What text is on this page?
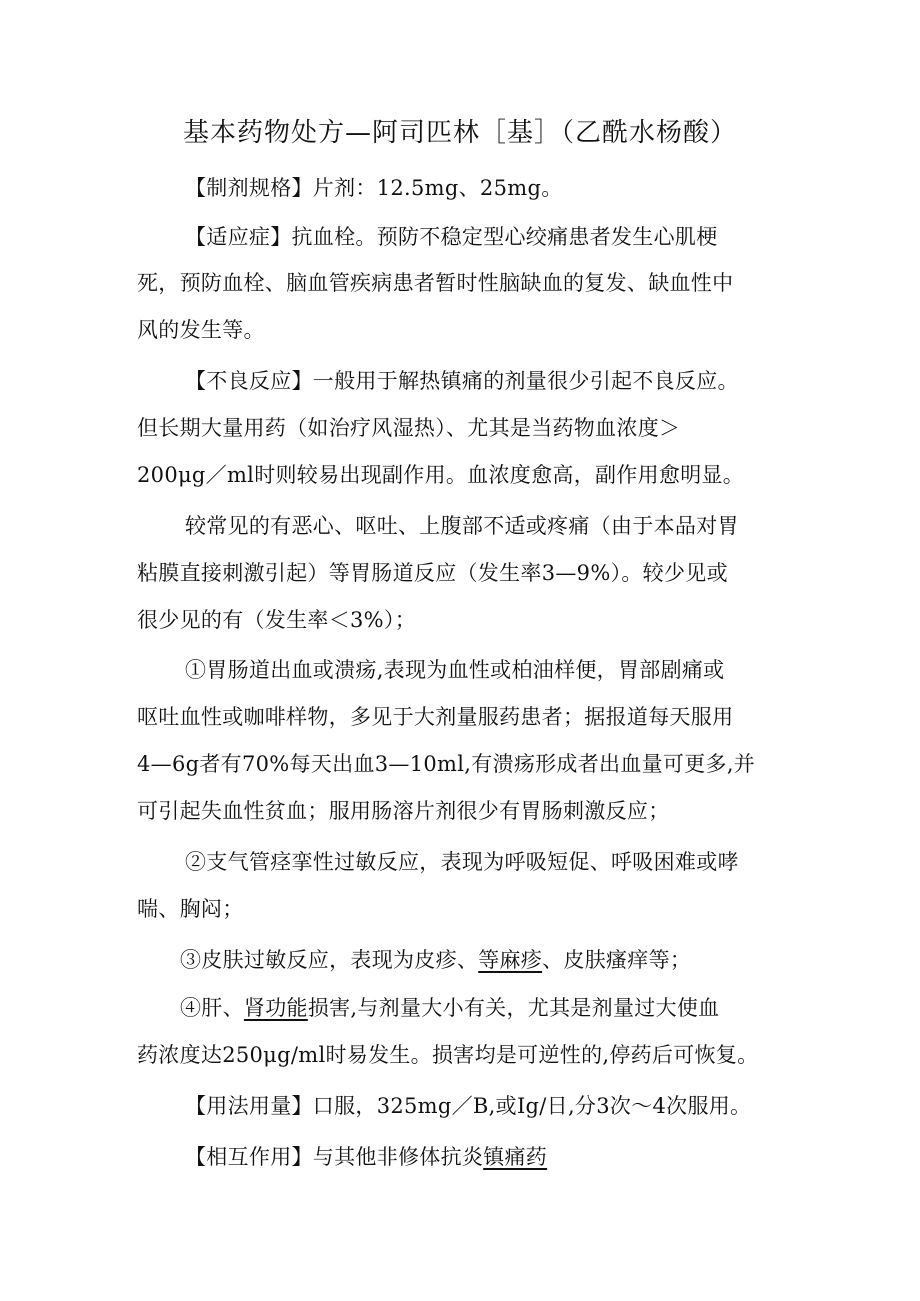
基本药物处方—阿司匹林［基］（乙酰水杨酸）
【制剂规格】片剂：12.5mg、25mg。
【适应症】抗血栓。预防不稳定型心绞痛患者发生心肌梗
死，预防血栓、脑血管疾病患者暂时性脑缺血的复发、缺血性中
风的发生等。
【不良反应】一般用于解热镇痛的剂量很少引起不良反应。
但长期大量用药（如治疗风湿热）、尤其是当药物血浓度＞
200μg／ml时则较易出现副作用。血浓度愈高，副作用愈明显。
较常见的有恶心、呕吐、上腹部不适或疼痛（由于本品对胃
粘膜直接刺激引起）等胃肠道反应（发生率3—9%）。较少见或
很少见的有（发生率＜3%）；
①胃肠道出血或溃疡,表现为血性或柏油样便，胃部剧痛或
呕吐血性或咖啡样物，多见于大剂量服药患者；据报道每天服用
4—6g者有70%每天出血3—10ml,有溃疡形成者出血量可更多,并
可引起失血性贫血；服用肠溶片剂很少有胃肠刺激反应；
②支气管痉挛性过敏反应，表现为呼吸短促、呼吸困难或哮
喘、胸闷；
③皮肤过敏反应，表现为皮疹、等麻疹、皮肤瘙痒等；
④肝、肾功能损害,与剂量大小有关，尤其是剂量过大使血
药浓度达250μg/ml时易发生。损害均是可逆性的,停药后可恢复。
【用法用量】口服，325mg／B,或Ig/日,分3次～4次服用。
【相互作用】与其他非修体抗炎镇痛药
